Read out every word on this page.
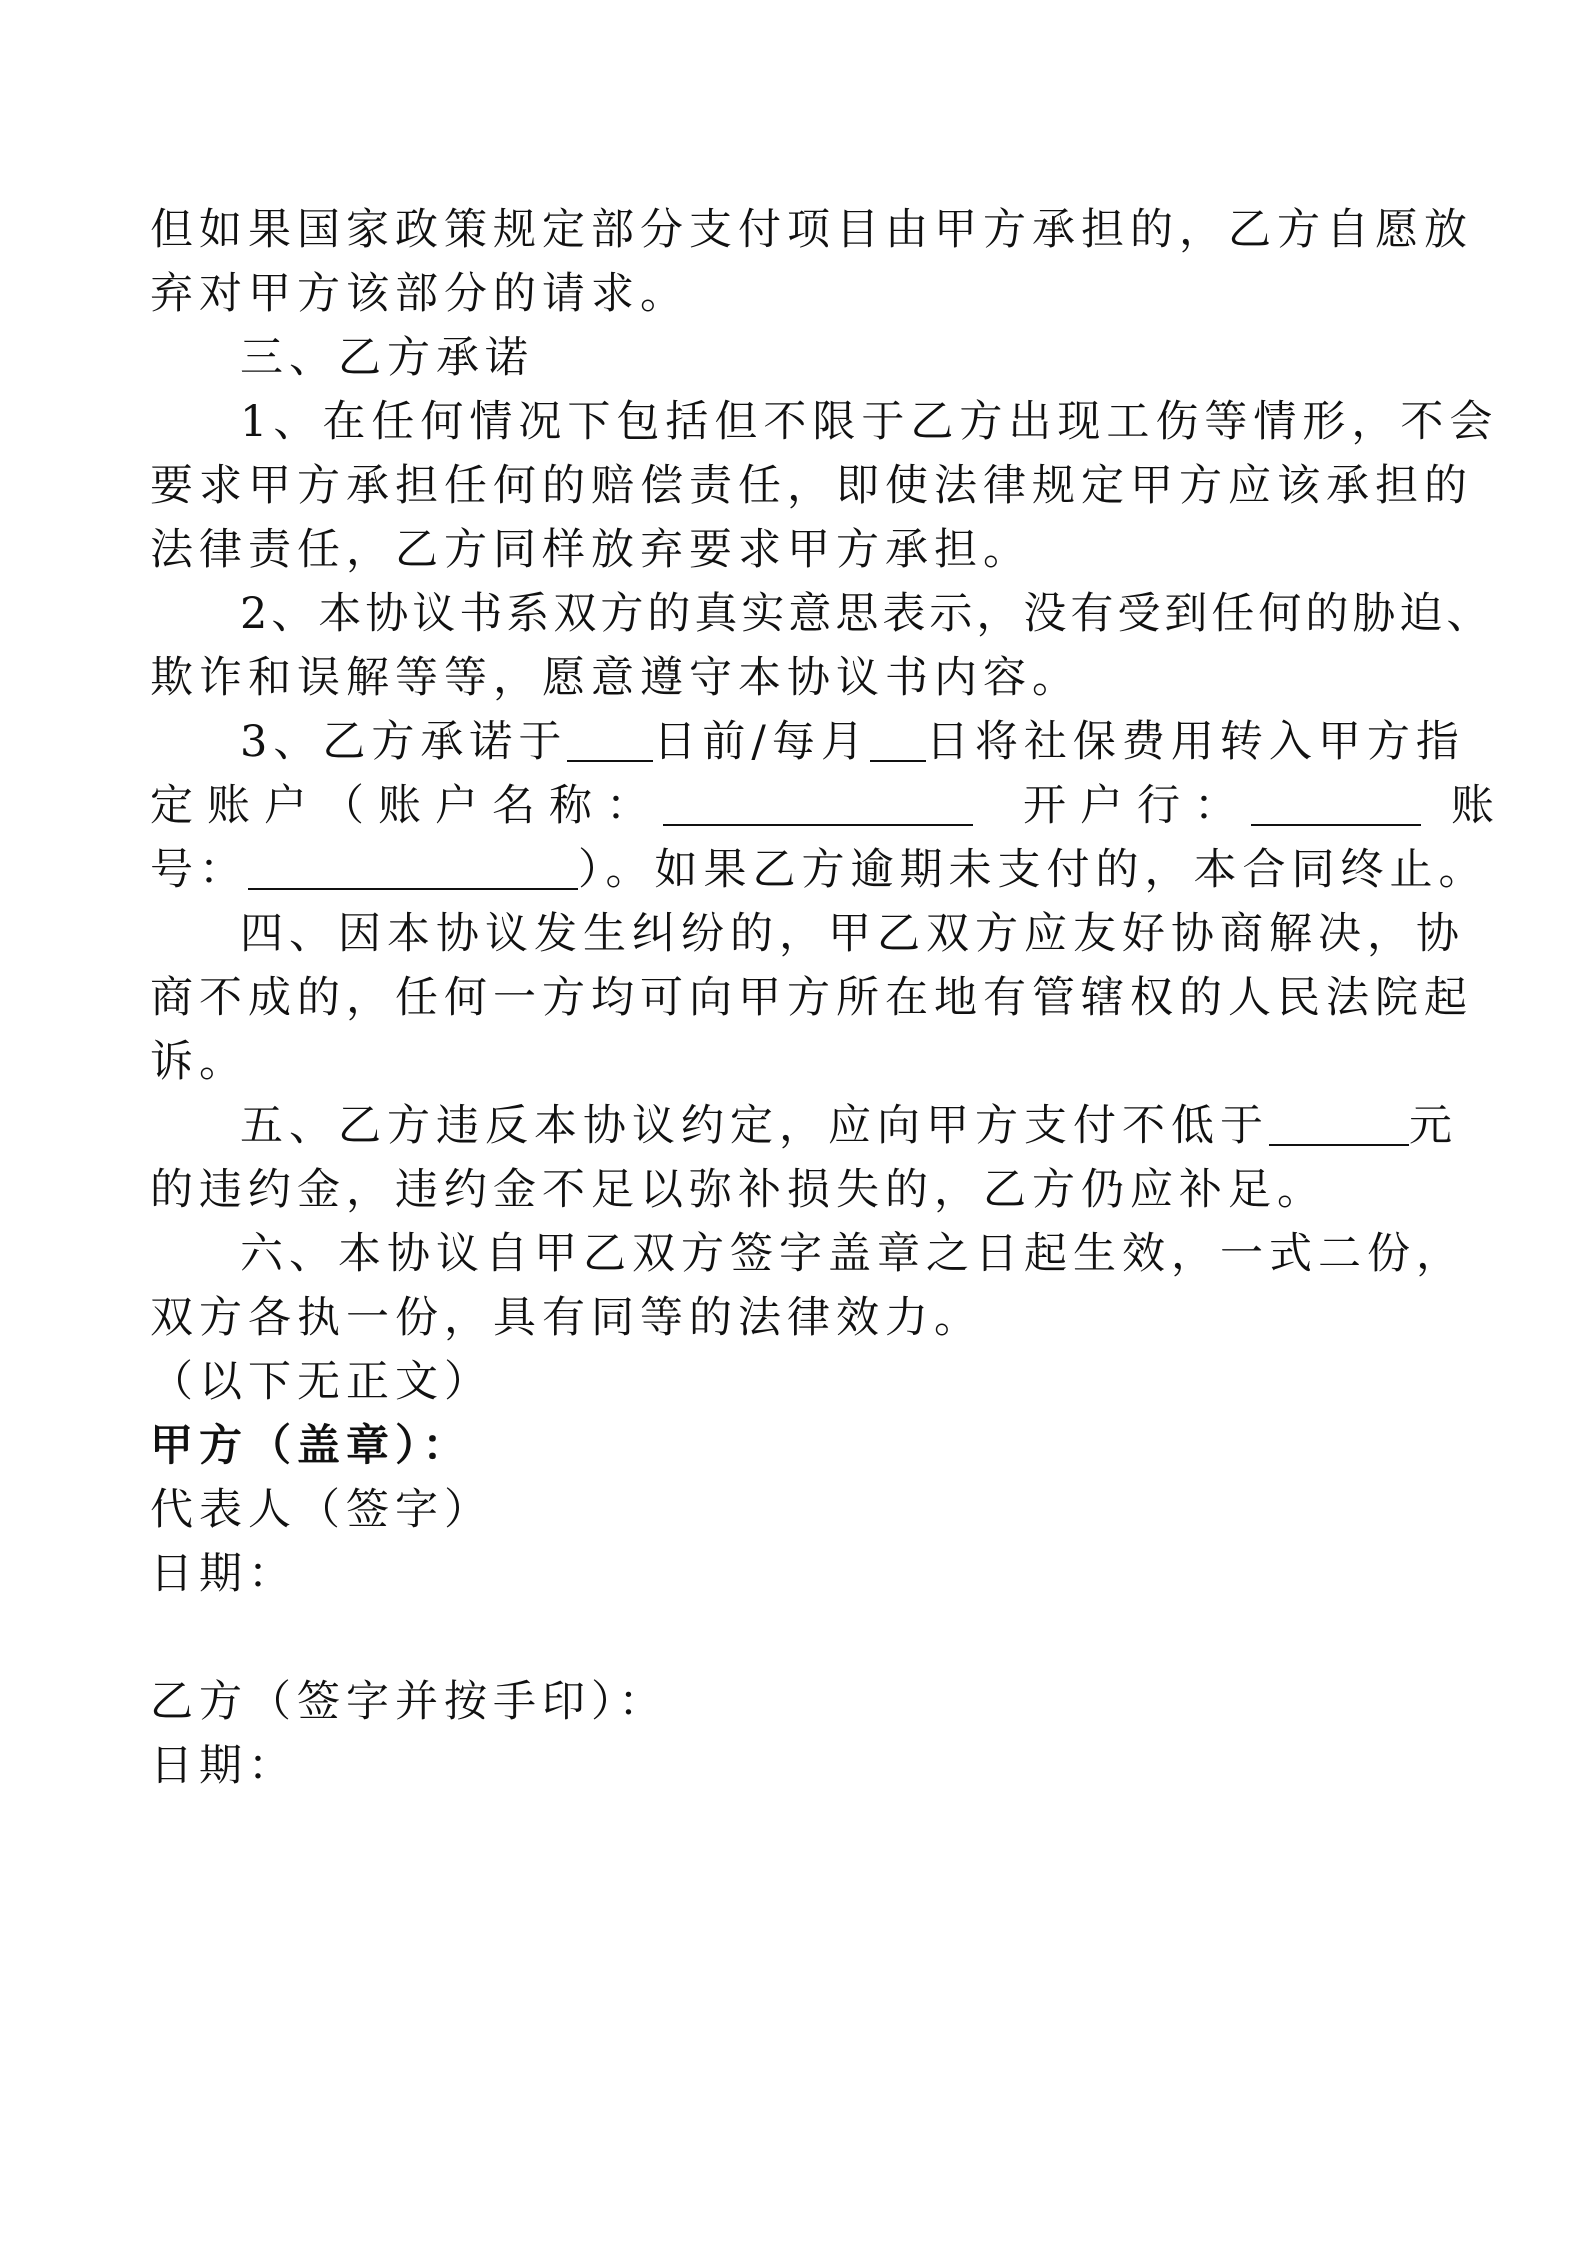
但如果国家政策规定部分支付项目由甲方承担的，乙方自愿放
弃对甲方该部分的请求。
三、乙方承诺
1、在任何情况下包括但不限于乙方出现工伤等情形，不会
要求甲方承担任何的赔偿责任，即使法律规定甲方应该承担的
法律责任，乙方同样放弃要求甲方承担。
2、本协议书系双方的真实意思表示，没有受到任何的胁迫、
欺诈和误解等等，愿意遵守本协议书内容。
3、乙方承诺于 日前/每月 日将社保费用转入甲方指
定账户（账户名称：	开户行：	账
号：	）。如果乙方逾期未支付的，本合同终止。
四、因本协议发生纠纷的，甲乙双方应友好协商解决，协
商不成的，任何一方均可向甲方所在地有管辖权的人民法院起
诉。
五、乙方违反本协议约定，应向甲方支付不低于	元
的违约金，违约金不足以弥补损失的，乙方仍应补足。
六、本协议自甲乙双方签字盖章之日起生效，一式二份，
双方各执一份，具有同等的法律效力。
（以下无正文）
甲方（盖章）：
代表人（签字）
日期：
乙方（签字并按手印）：
日期：
